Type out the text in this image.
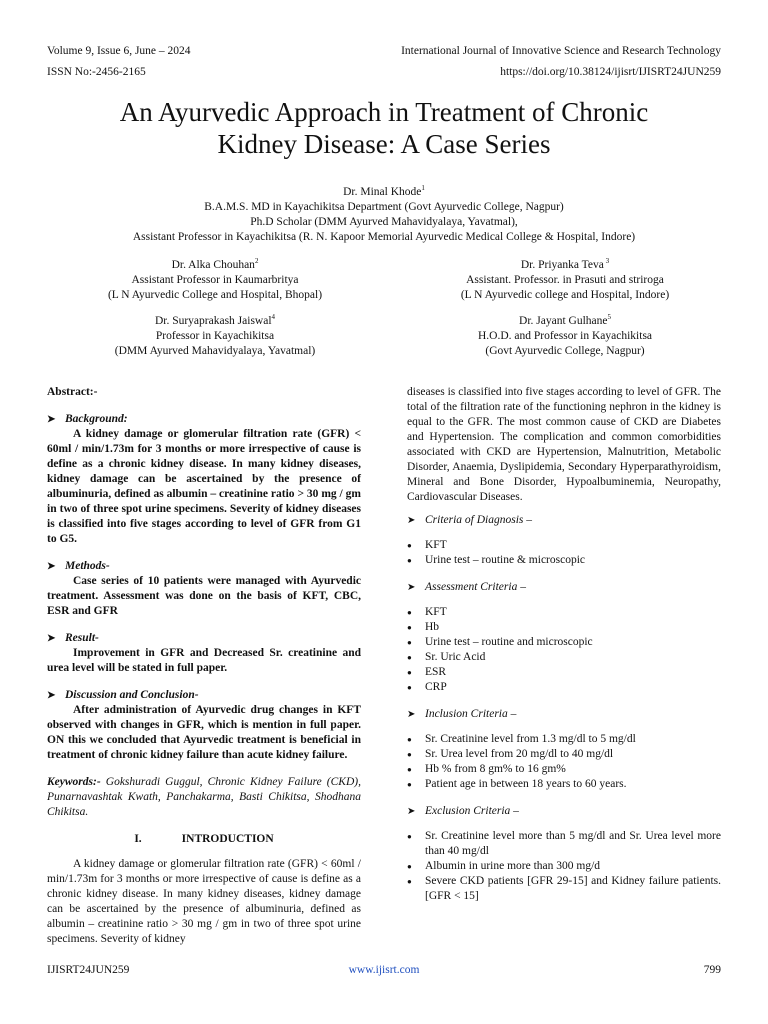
Volume 9, Issue 6, June – 2024
ISSN No:-2456-2165
International Journal of Innovative Science and Research Technology
https://doi.org/10.38124/ijisrt/IJISRT24JUN259
An Ayurvedic Approach in Treatment of Chronic
Kidney Disease: A Case Series
Dr. Minal Khode$^1$
B.A.M.S. MD in Kayachikitsa Department (Govt Ayurvedic College, Nagpur)
Ph.D Scholar (DMM Ayurved Mahavidyalaya, Yavatmal),
Assistant Professor in Kayachikitsa (R. N. Kapoor Memorial Ayurvedic Medical College & Hospital, Indore)
Dr. Alka Chouhan$^2$
Assistant Professor in Kaumarbritya
(L N Ayurvedic College and Hospital, Bhopal)
Dr. Priyanka Teva $^3$
Assistant. Professor. in Prasuti and striroga
(L N Ayurvedic college and Hospital, Indore)
Dr. Suryaprakash Jaiswal$^4$
Professor in Kayachikitsa
(DMM Ayurved Mahavidyalaya, Yavatmal)
Dr. Jayant Gulhane$^5$
H.O.D. and Professor in Kayachikitsa
(Govt Ayurvedic College, Nagpur)

Abstract:-

➤ Background:

A kidney damage or glomerular filtration rate (GFR) < 60ml / min/1.73m for 3 months or more irrespective of cause is define as a chronic kidney disease. In many kidney diseases, kidney damage can be ascertained by the presence of albuminuria, defined as albumin – creatinine ratio > 30 mg / gm in two of three spot urine specimens. Severity of kidney diseases is classified into five stages according to level of GFR from G1 to G5.

➤ Methods-

Case series of 10 patients were managed with Ayurvedic treatment. Assessment was done on the basis of KFT, CBC, ESR and GFR

➤ Result-

Improvement in GFR and Decreased Sr. creatinine and urea level will be stated in full paper.

➤ Discussion and Conclusion-

After administration of Ayurvedic drug changes in KFT observed with changes in GFR, which is mention in full paper. ON this we concluded that Ayurvedic treatment is beneficial in treatment of chronic kidney failure than acute kidney failure.

Keywords:- Gokshuradi Guggul, Chronic Kidney Failure (CKD), Punarnavashtak Kwath, Panchakarma, Basti Chikitsa, Shodhana Chikitsa.

I.	INTRODUCTION

A kidney damage or glomerular filtration rate (GFR) < 60ml / min/1.73m for 3 months or more irrespective of cause is define as a chronic kidney disease. In many kidney diseases, kidney damage can be ascertained by the presence of albuminuria, defined as albumin – creatinine ratio > 30 mg / gm in two of three spot urine specimens. Severity of kidney

diseases is classified into five stages according to level of GFR. The total of the filtration rate of the functioning nephron in the kidney is equal to the GFR. The most common cause of CKD are Diabetes and Hypertension. The complication and common comorbidities associated with CKD are Hypertension, Malnutrition, Metabolic Disorder, Anaemia, Dyslipidemia, Secondary Hyperparathyroidism, Mineral and Bone Disorder, Hypoalbuminemia, Neuropathy, Cardiovascular Diseases.

➤ Criteria of Diagnosis –

● KFT
● Urine test – routine & microscopic

➤ Assessment Criteria –

● KFT
● Hb
● Urine test – routine and microscopic
● Sr. Uric Acid
● ESR
● CRP

➤ Inclusion Criteria –

● Sr. Creatinine level from 1.3 mg/dl to 5 mg/dl
● Sr. Urea level from 20 mg/dl to 40 mg/dl
● Hb % from 8 gm% to 16 gm%
● Patient age in between 18 years to 60 years.

➤ Exclusion Criteria –

● Sr. Creatinine level more than 5 mg/dl and Sr. Urea level more than 40 mg/dl
● Albumin in urine more than 300 mg/d
● Severe CKD patients [GFR 29-15] and Kidney failure patients. [GFR < 15]
IJISRT24JUN259	www.ijisrt.com	799
